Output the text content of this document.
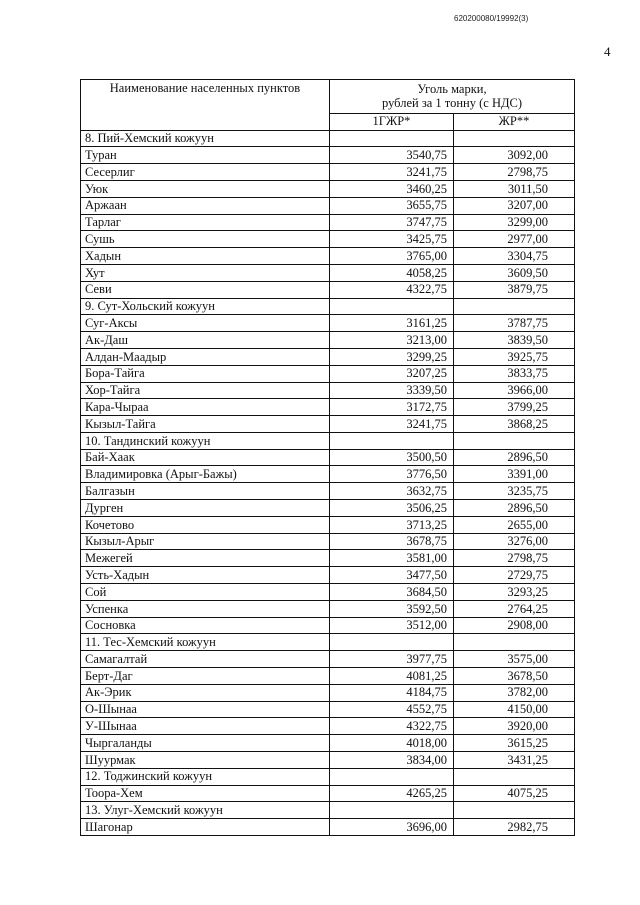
620200080/19992(3)
4
Наименование населенных пунктов	Уголь марки,
рублей за 1 тонну (с НДС)	

	1ГЖР*	ЖР**
8. Пий-Хемский кожуун		
Туран	3540,75	3092,00
Сесерлиг	3241,75	2798,75
Уюк	3460,25	3011,50
Аржаан	3655,75	3207,00
Тарлаг	3747,75	3299,00
Сушь	3425,75	2977,00
Хадын	3765,00	3304,75
Хут	4058,25	3609,50
Севи	4322,75	3879,75
9. Сут-Хольский кожуун		
Суг-Аксы	3161,25	3787,75
Ак-Даш	3213,00	3839,50
Алдан-Маадыр	3299,25	3925,75
Бора-Тайга	3207,25	3833,75
Хор-Тайга	3339,50	3966,00
Кара-Чыраа	3172,75	3799,25
Кызыл-Тайга	3241,75	3868,25
10. Тандинский кожуун		
Бай-Хаак	3500,50	2896,50
Владимировка (Арыг-Бажы)	3776,50	3391,00
Балгазын	3632,75	3235,75
Дурген	3506,25	2896,50
Кочетово	3713,25	2655,00
Кызыл-Арыг	3678,75	3276,00
Межегей	3581,00	2798,75
Усть-Хадын	3477,50	2729,75
Сой	3684,50	3293,25
Успенка	3592,50	2764,25
Сосновка	3512,00	2908,00
11. Тес-Хемский кожуун		
Самагалтай	3977,75	3575,00
Берт-Даг	4081,25	3678,50
Ак-Эрик	4184,75	3782,00
О-Шынаа	4552,75	4150,00
У-Шынаа	4322,75	3920,00
Чыргаланды	4018,00	3615,25
Шуурмак	3834,00	3431,25
12. Тоджинский кожуун		
Тоора-Хем	4265,25	4075,25
13. Улуг-Хемский кожуун		
Шагонар	3696,00	2982,75
